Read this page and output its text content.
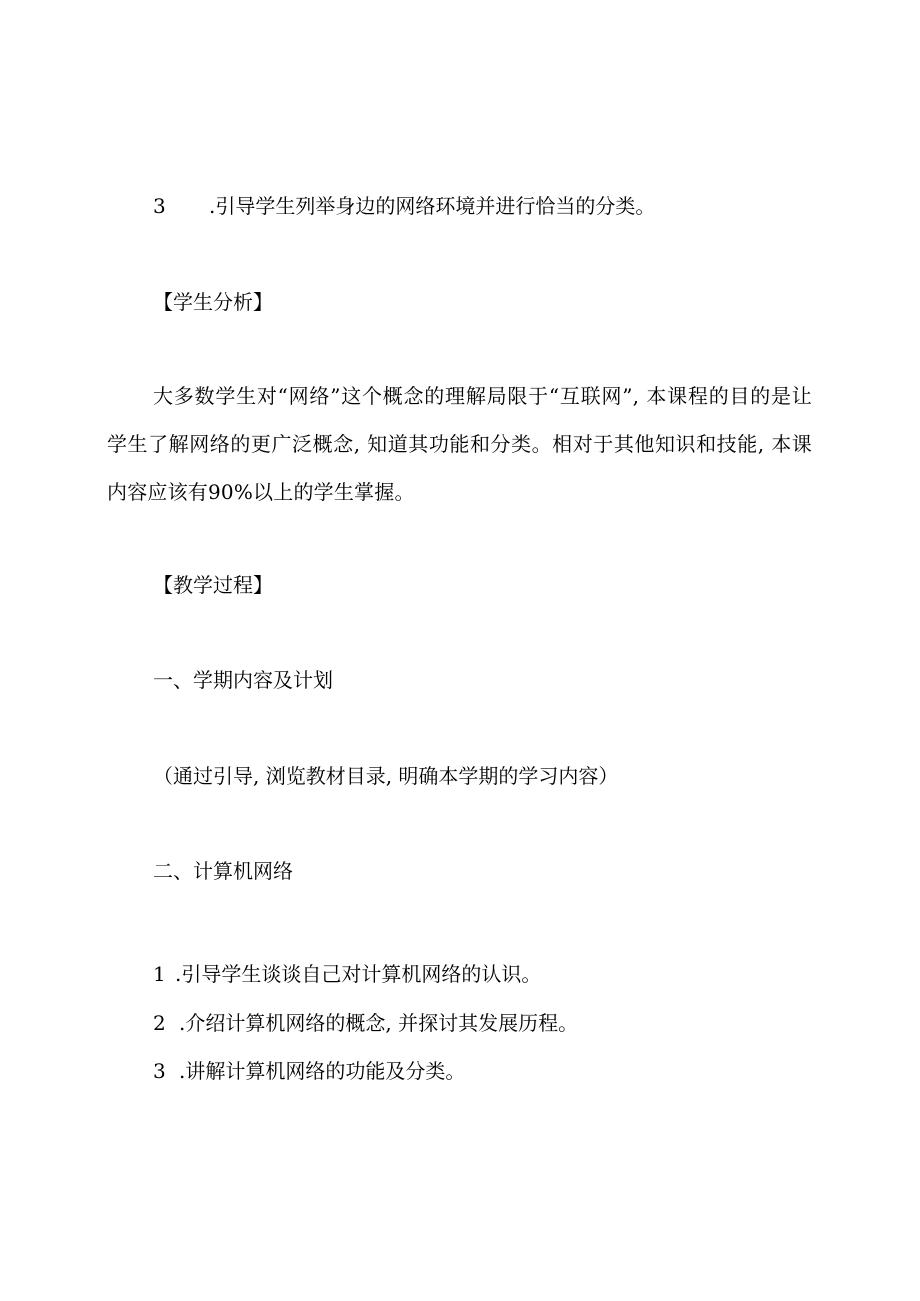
3 .引导学生列举身边的网络环境并进行恰当的分类。
【学生分析】
大多数学生对“网络”这个概念的理解局限于“互联网”, 本课程的目的是让学生了解网络的更广泛概念, 知道其功能和分类。相对于其他知识和技能, 本课内容应该有90%以上的学生掌握。
【教学过程】
一、学期内容及计划
（通过引导, 浏览教材目录, 明确本学期的学习内容）
二、计算机网络
1 .引导学生谈谈自己对计算机网络的认识。
2 .介绍计算机网络的概念, 并探讨其发展历程。
3 .讲解计算机网络的功能及分类。
